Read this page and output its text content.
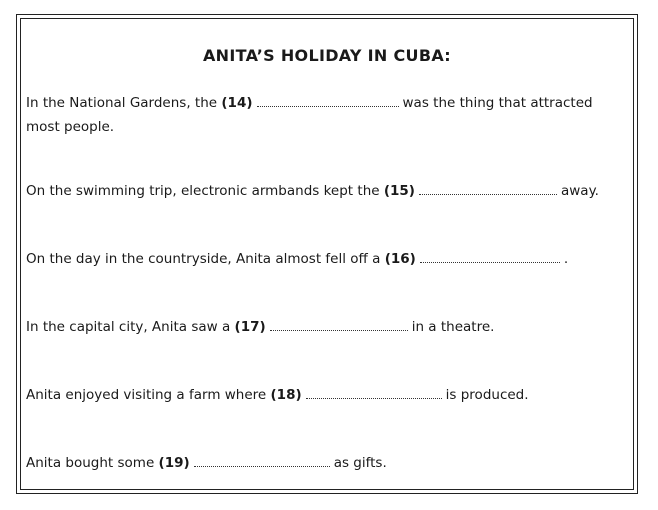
ANITA’S HOLIDAY IN CUBA:
In the National Gardens, the (14)	was the thing that attracted
most people.
On the swimming trip, electronic armbands kept the (15)	away.
On the day in the countryside, Anita almost fell off a (16)	.
In the capital city, Anita saw a (17)	in a theatre.
Anita enjoyed visiting a farm where (18)	is produced.
Anita bought some (19)	as gifts.
